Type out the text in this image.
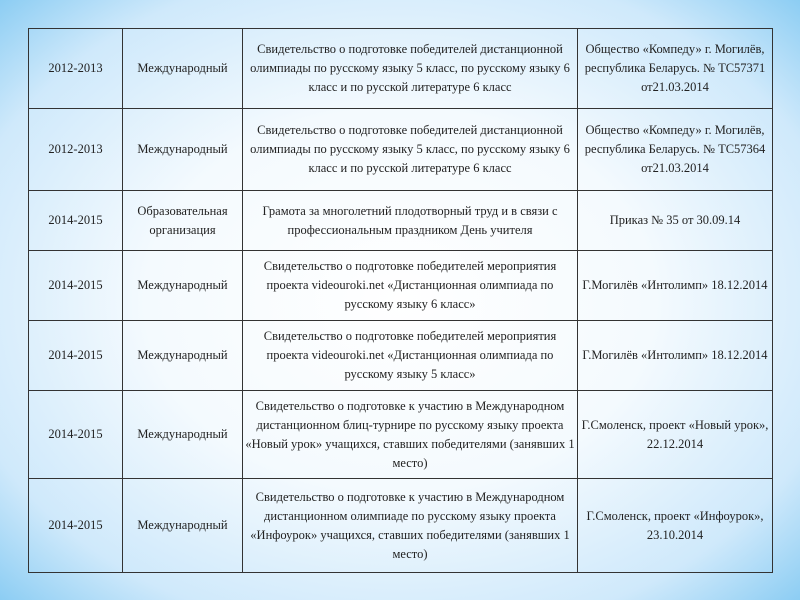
2012-2013	Международный	Свидетельство о подготовке победителей дистанционной олимпиады по русскому языку 5 класс, по русскому языку 6 класс и по русской литературе 6 класс	Общество «Компеду» г. Могилёв, республика Беларусь. № ТС57371 от21.03.2014
2012-2013	Международный	Свидетельство о подготовке победителей дистанционной олимпиады по русскому языку 5 класс, по русскому языку 6 класс и по русской литературе 6 класс	Общество «Компеду» г. Могилёв, республика Беларусь. № ТС57364 от21.03.2014
2014-2015	Образовательная организация	Грамота за многолетний плодотворный труд и в связи с профессиональным праздником День учителя	Приказ № 35 от 30.09.14
2014-2015	Международный	Свидетельство о подготовке победителей мероприятия проекта videouroki.net «Дистанционная олимпиада по русскому языку 6 класс»	Г.Могилёв «Интолимп» 18.12.2014
2014-2015	Международный	Свидетельство о подготовке победителей мероприятия проекта videouroki.net «Дистанционная олимпиада по русскому языку 5 класс»	Г.Могилёв «Интолимп» 18.12.2014
2014-2015	Международный	Свидетельство о подготовке к участию в Международном дистанционном блиц-турнире по русскому языку проекта «Новый урок» учащихся, ставших победителями (занявших 1 место)	Г.Смоленск, проект «Новый урок», 22.12.2014
2014-2015	Международный	Свидетельство о подготовке к участию в Международном дистанционном олимпиаде по русскому языку проекта «Инфоурок» учащихся, ставших победителями (занявших 1 место)	Г.Смоленск, проект «Инфоурок», 23.10.2014
